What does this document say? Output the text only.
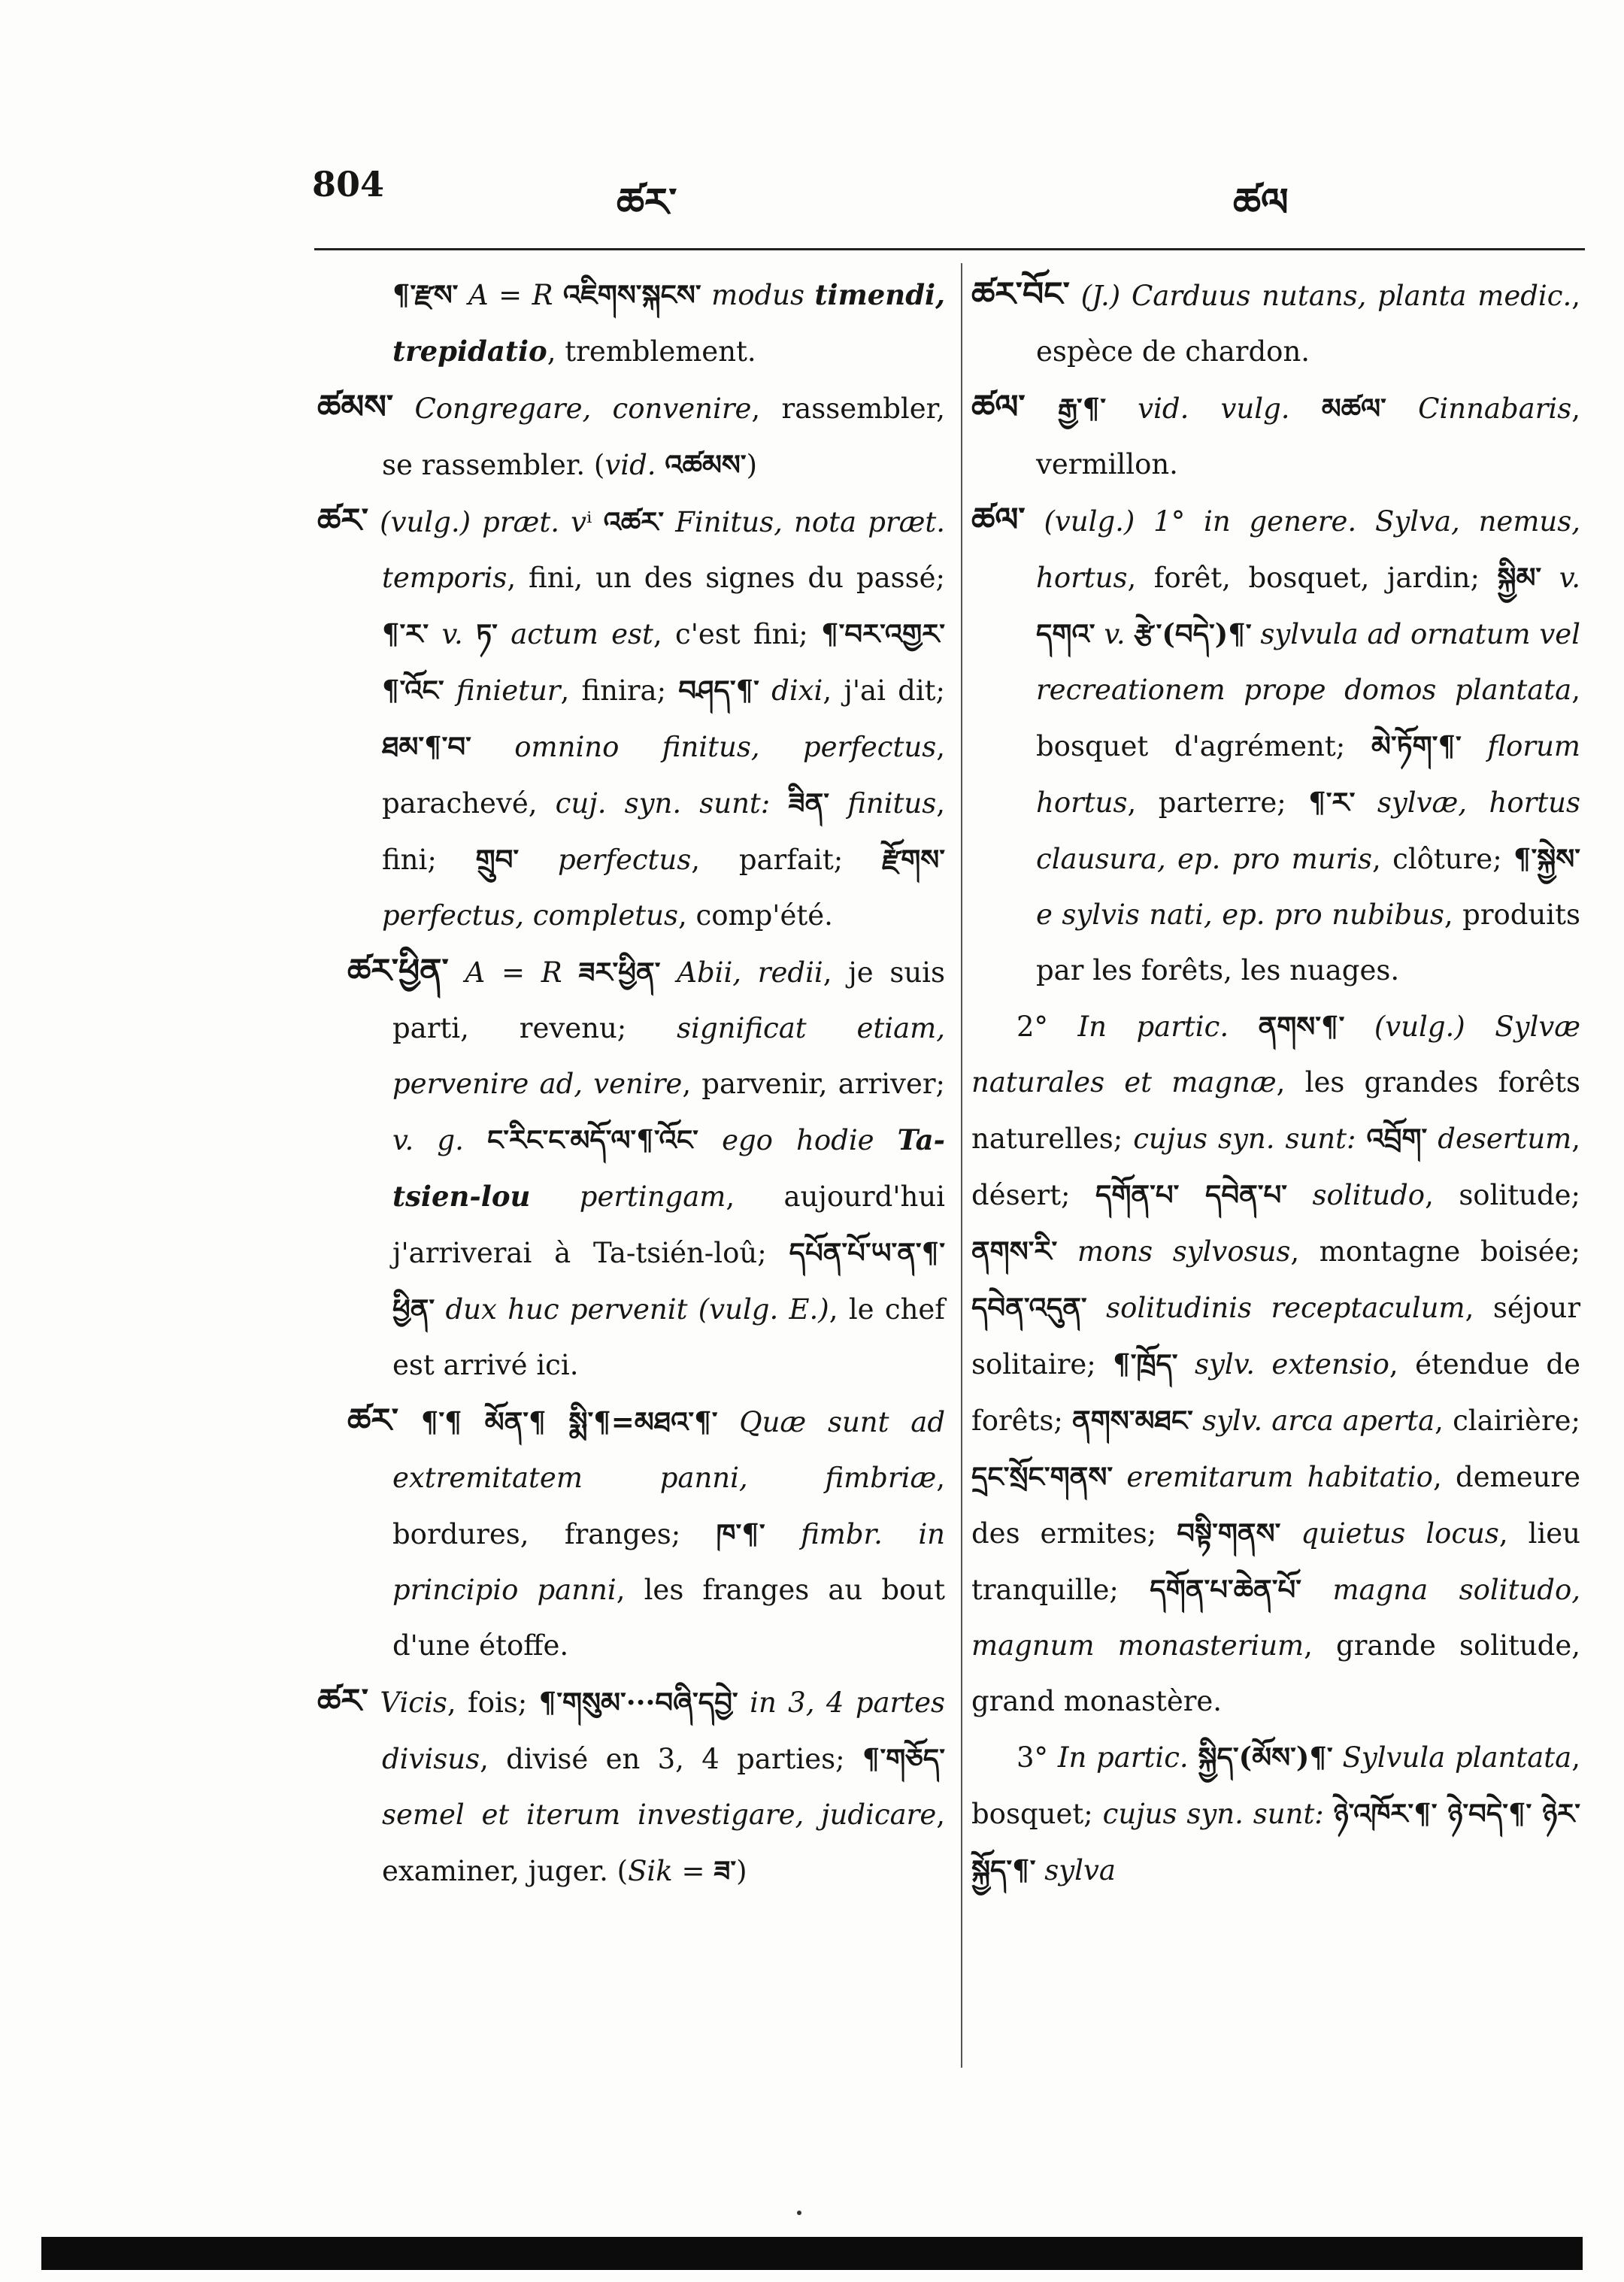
804	ཚར་	ཚལ

¶་རྫས་ A = R འཇིགས་སྐངས་ modus timendi, trepidatio, tremblement.

ཚམས་ Congregare, convenire, rassembler, se rassembler. (vid. འཚམས་)

ཚར་ (vulg.) præt. vⁱ འཚར་ Finitus, nota præt. temporis, fini, un des signes du passé; ¶་ར་ v. ཏ་ actum est, c'est fini; ¶་བར་འགྱར་ ¶་འོང་ finietur, finira; བཤད་¶་ dixi, j'ai dit; ཐམ་¶་བ་ omnino finitus, perfectus, parachevé, cuj. syn. sunt: ཟིན་ finitus, fini; གྲུབ་ perfectus, parfait; རྫོགས་ perfectus, completus, comp'été.

ཚར་ཕྱིན་ A = R ཟར་ཕྱིན་ Abii, redii, je suis parti, revenu; significat etiam, pervenire ad, venire, parvenir, arriver; v. g. ང་རིང་ང་མདོ་ལ་¶་འོང་ ego hodie Ta-tsien-lou pertingam, aujourd'hui j'arriverai à Ta-tsién-loû; དཔོན་པོ་ཡ་ན་¶་ཕྱིན་ dux huc pervenit (vulg. E.), le chef est arrivé ici.

ཚར་ ¶་¶ མོན་¶ སྨི་¶=མཐའ་¶་ Quæ sunt ad extremitatem panni, fimbriæ, bordures, franges; ཁ་¶་ fimbr. in principio panni, les franges au bout d'une étoffe.

ཚར་ Vicis, fois; ¶་གསུམ་···བཞི་དབྱེ་ in 3, 4 partes divisus, divisé en 3, 4 parties; ¶་གཅོད་ semel et iterum investigare, judicare, examiner, juger. (Sik = ཟ་)

ཚར་བོང་ (J.) Carduus nutans, planta medic., espèce de chardon.

ཚལ་ རྒྱ་¶་ vid. vulg. མཚལ་ Cinnabaris, vermillon.

ཚལ་ (vulg.) 1° in genere. Sylva, nemus, hortus, forêt, bosquet, jardin; སྐྱིམ་ v. དགའ་ v. རྩེ་(བདེ་)¶་ sylvula ad ornatum vel recreationem prope domos plantata, bosquet d'agrément; མེ་ཏོག་¶་ florum hortus, parterre; ¶་ར་ sylvæ, hortus clausura, ep. pro muris, clôture; ¶་སྐྱེས་ e sylvis nati, ep. pro nubibus, produits par les forêts, les nuages.

2° In partic. ནགས་¶་ (vulg.) Sylvæ naturales et magnæ, les grandes forêts naturelles; cujus syn. sunt: འབྲོག་ desertum, désert; དགོན་པ་ དབེན་པ་ solitudo, solitude; ནགས་རི་ mons sylvosus, montagne boisée; དབེན་འདུན་ solitudinis receptaculum, séjour solitaire; ¶་ཁྲོད་ sylv. extensio, étendue de forêts; ནགས་མཐང་ sylv. arca aperta, clairière; དྲང་སྲོང་གནས་ eremitarum habitatio, demeure des ermites; བསྟི་གནས་ quietus locus, lieu tranquille; དགོན་པ་ཆེན་པོ་ magna solitudo, magnum monasterium, grande solitude, grand monastère.

3° In partic. སྐྱིད་(མོས་)¶་ Sylvula plantata, bosquet; cujus syn. sunt: ཉེ་འཁོར་¶་ ཉེ་བདེ་¶་ ཉེར་སྐྱོད་¶་ sylva
